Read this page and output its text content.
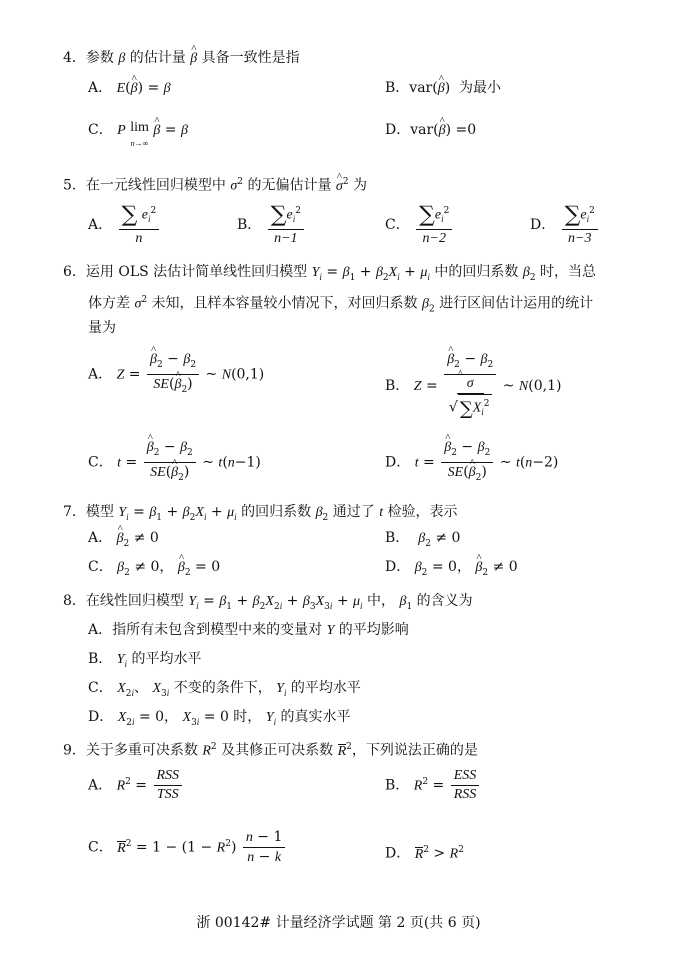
4．参数 β 的估计量 ^ β 具备一致性是指
A． E(^ β) = β	B．var(^ β)  为最小
C． P lim
n→∞ ^ β = β	D．var(^ β) =0
5．在一元线性回归模型中 $\sigma^2$ 的无偏估计量 ^ $\sigma^2$ 为
A． $\frac{\sum e_i^2}{n}$	B． $\frac{\sum e_i^2}{n-1}$	C． $\frac{\sum e_i^2}{n-2}$	D． $\frac{\sum e_i^2}{n-3}$
6．运用 OLS 法估计简单线性回归模型 $Y_i = \beta_1 + \beta_2X_i + \mu_i$ 中的回归系数 $\beta_2$ 时，当总
体方差 $\sigma^2$ 未知，且样本容量较小情况下，对回归系数 $\beta_2$ 进行区间估计运用的统计
量为
A． Z = ^ $\frac{\beta_2 - \beta_2}{SE(\^{} \beta_2)}$ ~ N(0,1)
B． Z = ^ $\beta_2 - \beta_2$
^ σ
√ $\sum X_i^2$ ~ N(0,1)
C． t = ^ $\frac{\beta_2 - \beta_2}{SE(\^{} \beta_2)}$ ~ t(n−1)	D． t = ^ $\frac{\beta_2 - \beta_2}{SE(\^{} \beta_2)}$ ~ t(n−2)
7．模型 $Y_i = \beta_1 + \beta_2X_i + \mu_i$ 的回归系数 $\beta_2$ 通过了 t 检验，表示
A． ^ $\beta_2 \ne 0$	B．  $\beta_2 \ne 0$
C． $\beta_2 \ne 0$， ^ $\beta_2 = 0$	D． $\beta_2 = 0$， ^ $\beta_2 \ne 0$
8．在线性回归模型 $Y_i = \beta_1 + \beta_2X_{2i} + \beta_3X_{3i} + \mu_i$ 中， $\beta_1$ 的含义为
A．指所有未包含到模型中来的变量对 Y 的平均影响
B． $Y_i$ 的平均水平
C． $X_{2i}$、 $X_{3i}$ 不变的条件下， $Y_i$ 的平均水平
D． $X_{2i} = 0$， $X_{3i} = 0$ 时， $Y_i$ 的真实水平
9．关于多重可决系数 $R^2$ 及其修正可决系数 $R^2$，下列说法正确的是
A． $R^2 = \frac{\text{RSS}}{\text{TSS}}$	B． $R^2 = \frac{\text{ESS}}{\text{RSS}}$
C． $R^2 = 1 - (1 - R^2) \frac{n - 1}{n - k}$	D． $R^2 > R^2$
浙 00142# 计量经济学试题 第 2 页(共 6 页)
